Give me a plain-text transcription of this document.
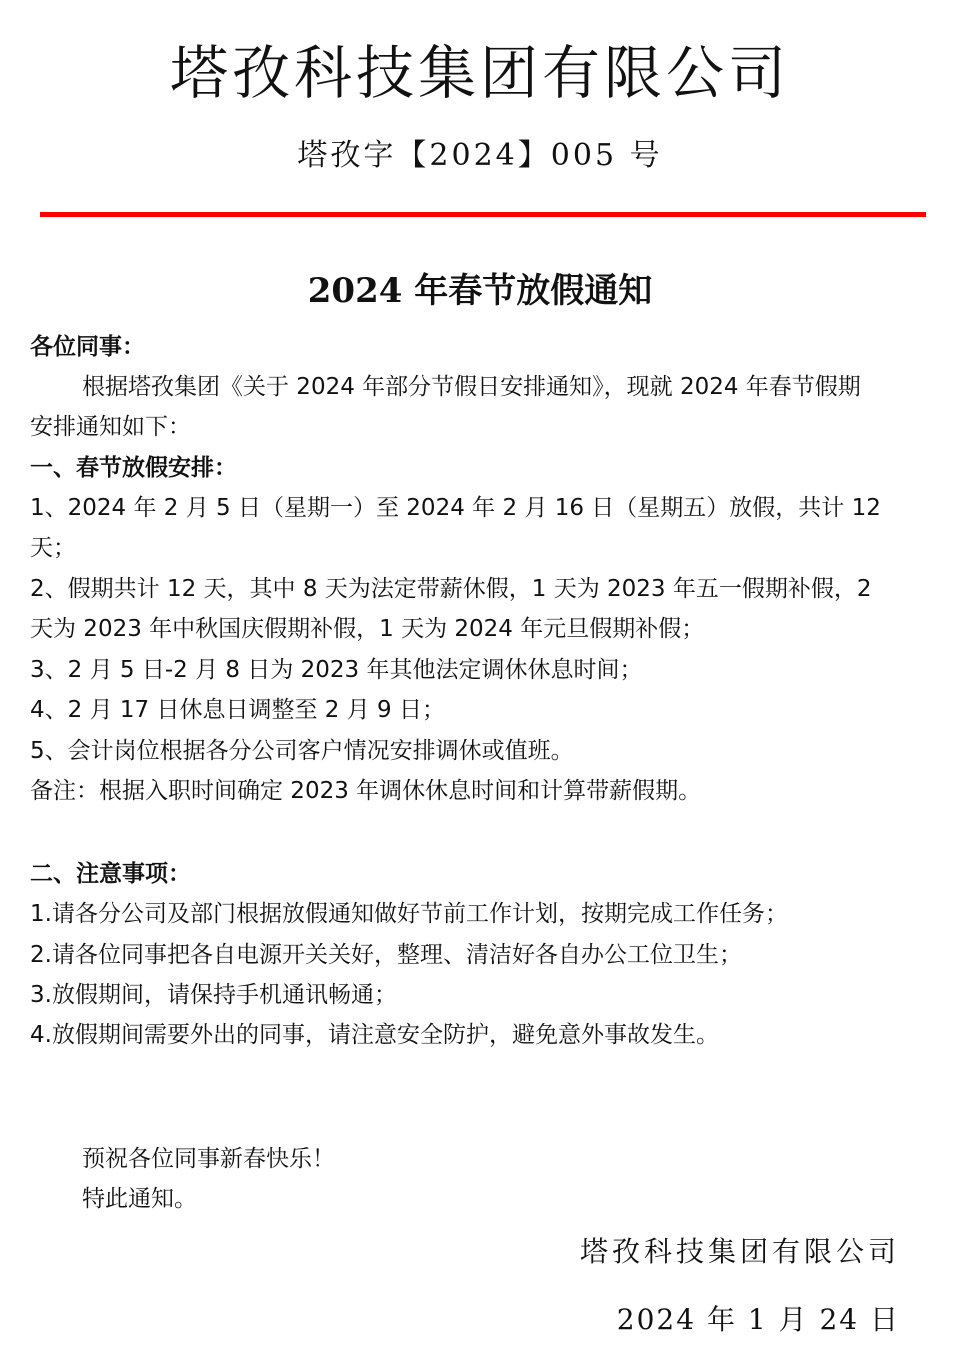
塔孜科技集团有限公司
塔孜字【2024】005 号
2024 年春节放假通知
各位同事：
根据塔孜集团《关于 2024 年部分节假日安排通知》，现就 2024 年春节假期
安排通知如下：
一、春节放假安排：
1、2024 年 2 月 5 日（星期一）至 2024 年 2 月 16 日（星期五）放假，共计 12
天；
2、假期共计 12 天，其中 8 天为法定带薪休假，1 天为 2023 年五一假期补假，2
天为 2023 年中秋国庆假期补假，1 天为 2024 年元旦假期补假；
3、2 月 5 日-2 月 8 日为 2023 年其他法定调休休息时间；
4、2 月 17 日休息日调整至 2 月 9 日；
5、会计岗位根据各分公司客户情况安排调休或值班。
备注：根据入职时间确定 2023 年调休休息时间和计算带薪假期。
二、注意事项：
1.请各分公司及部门根据放假通知做好节前工作计划，按期完成工作任务；
2.请各位同事把各自电源开关关好，整理、清洁好各自办公工位卫生；
3.放假期间，请保持手机通讯畅通；
4.放假期间需要外出的同事，请注意安全防护，避免意外事故发生。
预祝各位同事新春快乐！
特此通知。
塔孜科技集团有限公司
2024 年 1 月 24 日
